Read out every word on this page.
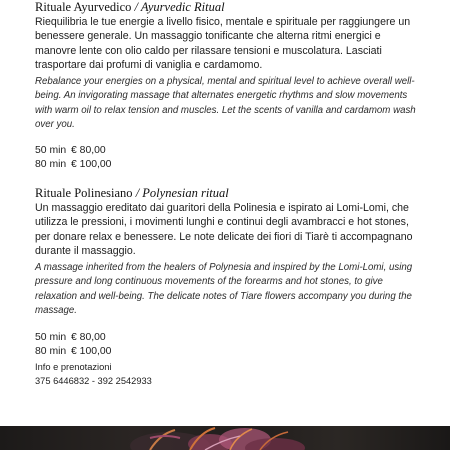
Rituale Ayurvedico / Ayurvedic Ritual

Riequilibria le tue energie a livello fisico, mentale e spirituale per raggiungere un benessere generale. Un massaggio tonificante che alterna ritmi energici e manovre lente con olio caldo per rilassare tensioni e muscolatura. Lasciati trasportare dai profumi di vaniglia e cardamomo.

Rebalance your energies on a physical, mental and spiritual level to achieve overall well-being. An invigorating massage that alternates energetic rhythms and slow movements with warm oil to relax tension and muscles. Let the scents of vanilla and cardamom wash over you.

50 min € 80,00
80 min € 100,00
Rituale Polinesiano / Polynesian ritual

Un massaggio ereditato dai guaritori della Polinesia e ispirato ai Lomi-Lomi, che utilizza le pressioni, i movimenti lunghi e continui degli avambracci e hot stones, per donare relax e benessere. Le note delicate dei fiori di Tiarè ti accompagnano durante il massaggio.

A massage inherited from the healers of Polynesia and inspired by the Lomi-Lomi, using pressure and long continuous movements of the forearms and hot stones, to give relaxation and well-being. The delicate notes of Tiare flowers accompany you during the massage.

50 min € 80,00
80 min € 100,00
Info e prenotazioni
375 6446832 - 392 2542933
